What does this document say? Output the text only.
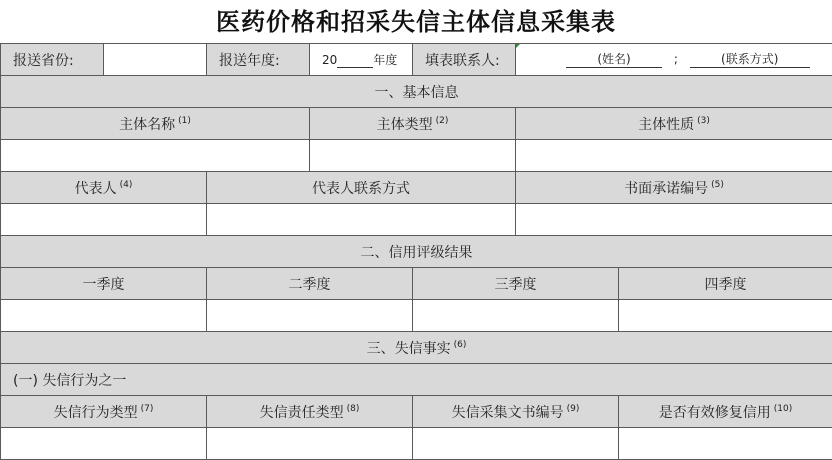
医药价格和招采失信主体信息采集表
报送省份:		报送年度:	20 年度	填表联系人:	(姓名) ; (联系方式)	
一、基本信息						
主体名称 $^{(1)}$			主体类型 $^{(2)}$		主体性质 $^{(3)}$

代表人 $^{(4)}$		代表人联系方式			书面承诺编号 $^{(5)}$

二、信用评级结果						
一季度		二季度		三季度		四季度

三、失信事实 $^{(6)}$
(一) 失信行为之一						
失信行为类型 $^{(7)}$		失信责任类型 $^{(8)}$		失信采集文书编号 $^{(9)}$		是否有效修复信用 $^{(10)}$
